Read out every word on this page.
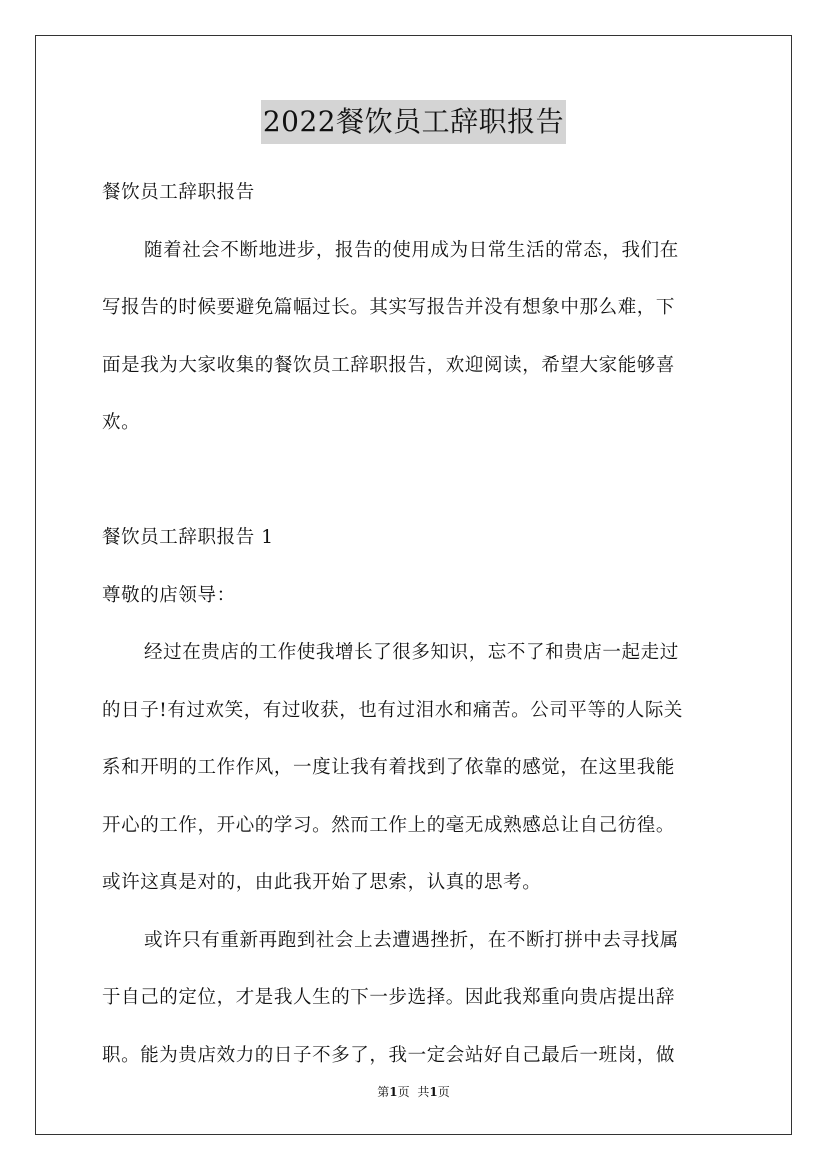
2022餐饮员工辞职报告
餐饮员工辞职报告
随着社会不断地进步，报告的使用成为日常生活的常态，我们在
写报告的时候要避免篇幅过长。其实写报告并没有想象中那么难，下
面是我为大家收集的餐饮员工辞职报告，欢迎阅读，希望大家能够喜
欢。
餐饮员工辞职报告 1
尊敬的店领导：
经过在贵店的工作使我增长了很多知识，忘不了和贵店一起走过
的日子!有过欢笑，有过收获，也有过泪水和痛苦。公司平等的人际关
系和开明的工作作风，一度让我有着找到了依靠的感觉，在这里我能
开心的工作，开心的学习。然而工作上的毫无成熟感总让自己彷徨。
或许这真是对的，由此我开始了思索，认真的思考。
或许只有重新再跑到社会上去遭遇挫折，在不断打拼中去寻找属
于自己的定位，才是我人生的下一步选择。因此我郑重向贵店提出辞
职。能为贵店效力的日子不多了，我一定会站好自己最后一班岗，做
第1页 共1页
